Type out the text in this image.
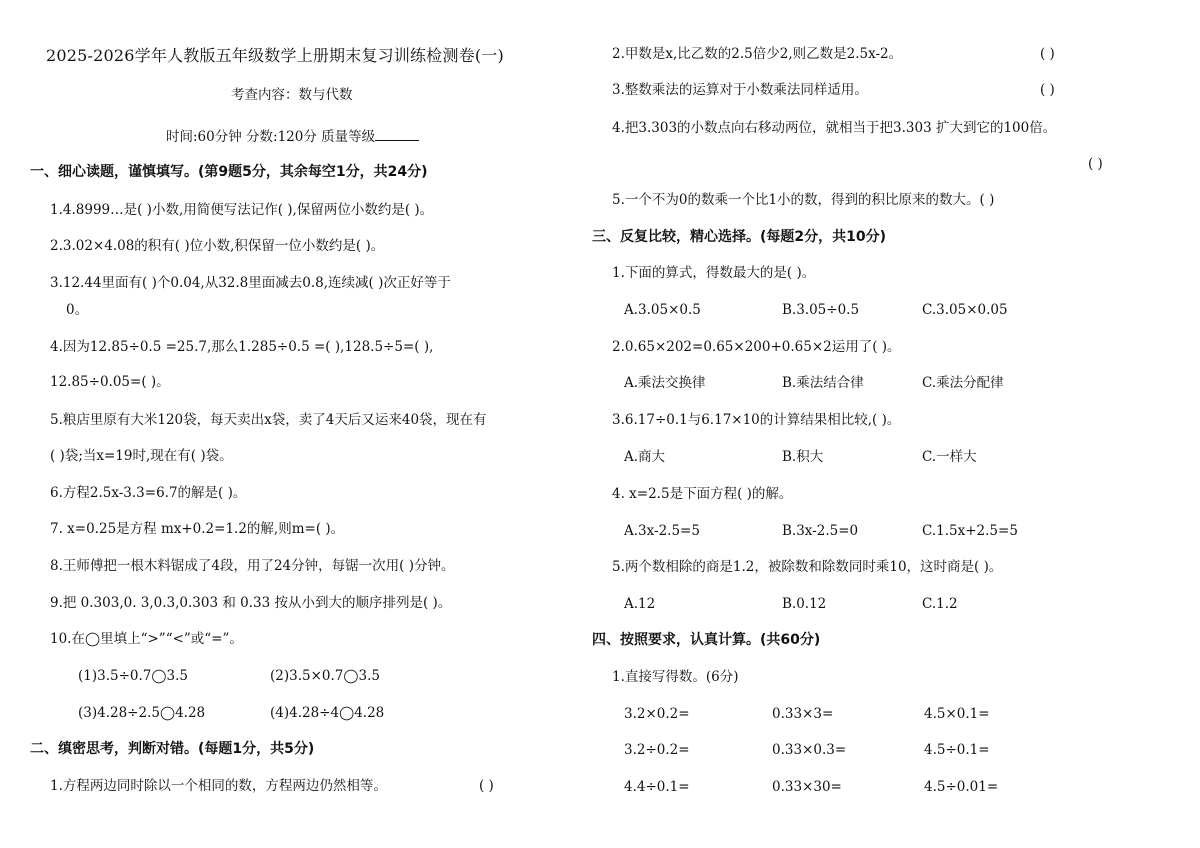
2025-2026学年人教版五年级数学上册期末复习训练检测卷(一)
考查内容：数与代数
时间:60分钟 分数:120分 质量等级
一、细心读题，谨慎填写。(第9题5分，其余每空1分，共24分)
1.4.8999…是( )小数,用简便写法记作( ),保留两位小数约是( )。
2.3.02×4.08的积有( )位小数,积保留一位小数约是( )。
3.12.44里面有( )个0.04,从32.8里面减去0.8,连续减( )次正好等于
0。
4.因为12.85÷0.5 =25.7,那么1.285÷0.5 =( ),128.5÷5=( ),
12.85÷0.05=( )。
5.粮店里原有大米120袋，每天卖出x袋，卖了4天后又运来40袋，现在有
( )袋;当x=19时,现在有( )袋。
6.方程2.5x-3.3=6.7的解是( )。
7. x=0.25是方程 mx+0.2=1.2的解,则m=( )。
8.王师傅把一根木料锯成了4段，用了24分钟，每锯一次用( )分钟。
9.把 0.303,0. 3,0.3,0.303 和 0.33 按从小到大的顺序排列是( )。
10.在◯里填上“>”“<”或“=”。
(1)3.5÷0.7◯3.5	(2)3.5×0.7◯3.5
(3)4.28÷2.5◯4.28	(4)4.28÷4◯4.28
二、缜密思考，判断对错。(每题1分，共5分)
1.方程两边同时除以一个相同的数，方程两边仍然相等。	( )
2.甲数是x,比乙数的2.5倍少2,则乙数是2.5x-2。	( )
3.整数乘法的运算对于小数乘法同样适用。	( )
4.把3.303的小数点向右移动两位，就相当于把3.303 扩大到它的100倍。
( )
5.一个不为0的数乘一个比1小的数，得到的积比原来的数大。( )
三、反复比较，精心选择。(每题2分，共10分)
1.下面的算式，得数最大的是( )。
A.3.05×0.5	B.3.05÷0.5	C.3.05×0.05
2.0.65×202=0.65×200+0.65×2运用了( )。
A.乘法交换律	B.乘法结合律	C.乘法分配律
3.6.17÷0.1与6.17×10的计算结果相比较,( )。
A.商大	B.积大	C.一样大
4. x=2.5是下面方程( )的解。
A.3x-2.5=5	B.3x-2.5=0	C.1.5x+2.5=5
5.两个数相除的商是1.2，被除数和除数同时乘10，这时商是( )。
A.12	B.0.12	C.1.2
四、按照要求，认真计算。(共60分)
1.直接写得数。(6分)
3.2×0.2=	0.33×3=	4.5×0.1=
3.2÷0.2=	0.33×0.3=	4.5÷0.1=
4.4÷0.1=	0.33×30=	4.5÷0.01=
